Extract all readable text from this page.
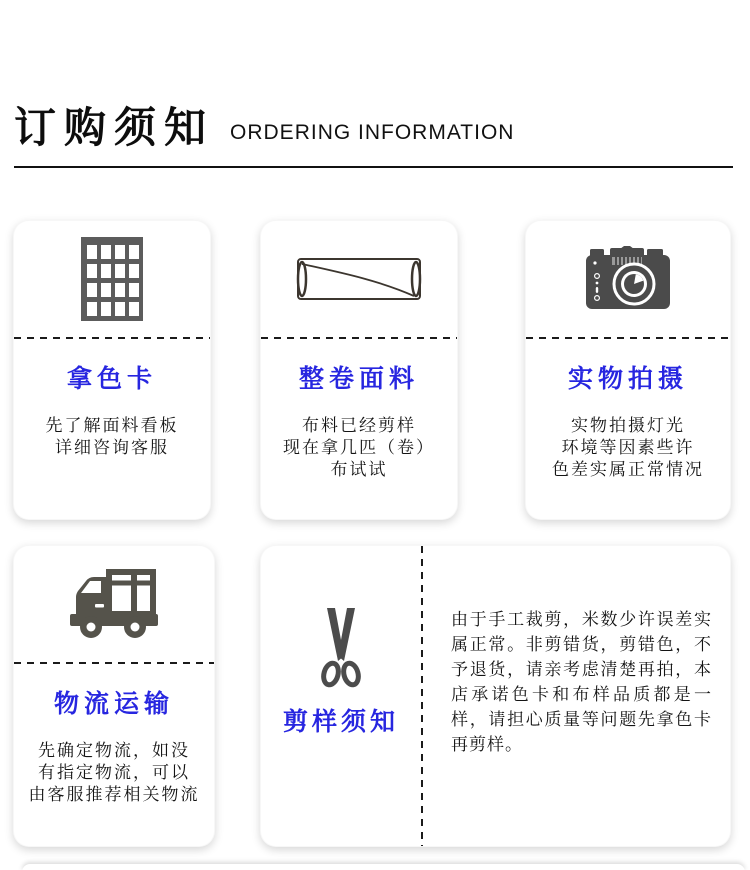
订购须知 ORDERING INFORMATION
拿色卡
先了解面料看板
详细咨询客服
整卷面料
布料已经剪样
现在拿几匹（卷）
布试试
实物拍摄
实物拍摄灯光
环境等因素些许
色差实属正常情况
物流运输
先确定物流，如没
有指定物流，可以
由客服推荐相关物流
剪样须知
由于手工裁剪，米数少许误差实属正常。非剪错货，剪错色，不予退货，请亲考虑清楚再拍，本店承诺色卡和布样品质都是一样，请担心质量等问题先拿色卡再剪样。
